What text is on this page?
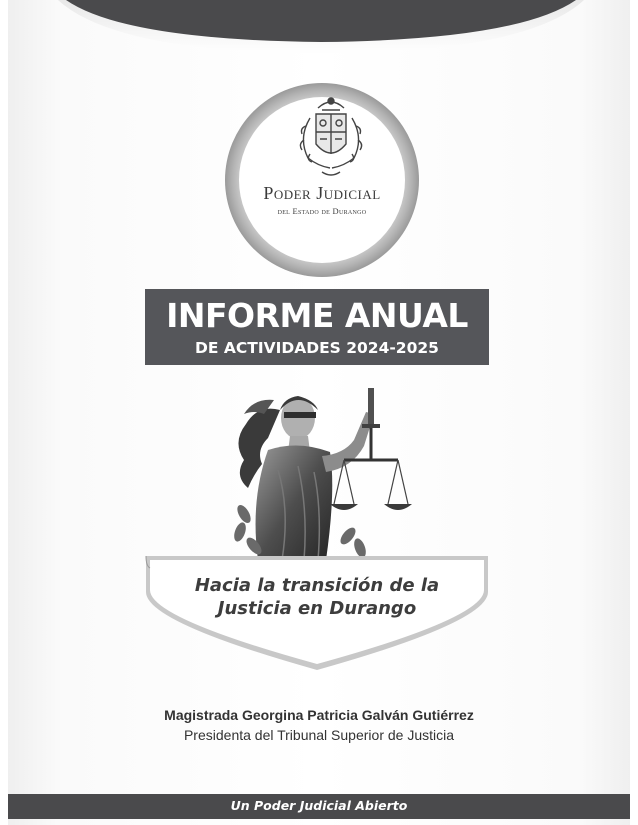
Poder Judicial
del Estado de Durango
INFORME ANUAL
DE ACTIVIDADES 2024-2025
Hacia la transición de la
Justicia en Durango
Magistrada Georgina Patricia Galván Gutiérrez
Presidenta del Tribunal Superior de Justicia
Un Poder Judicial Abierto
